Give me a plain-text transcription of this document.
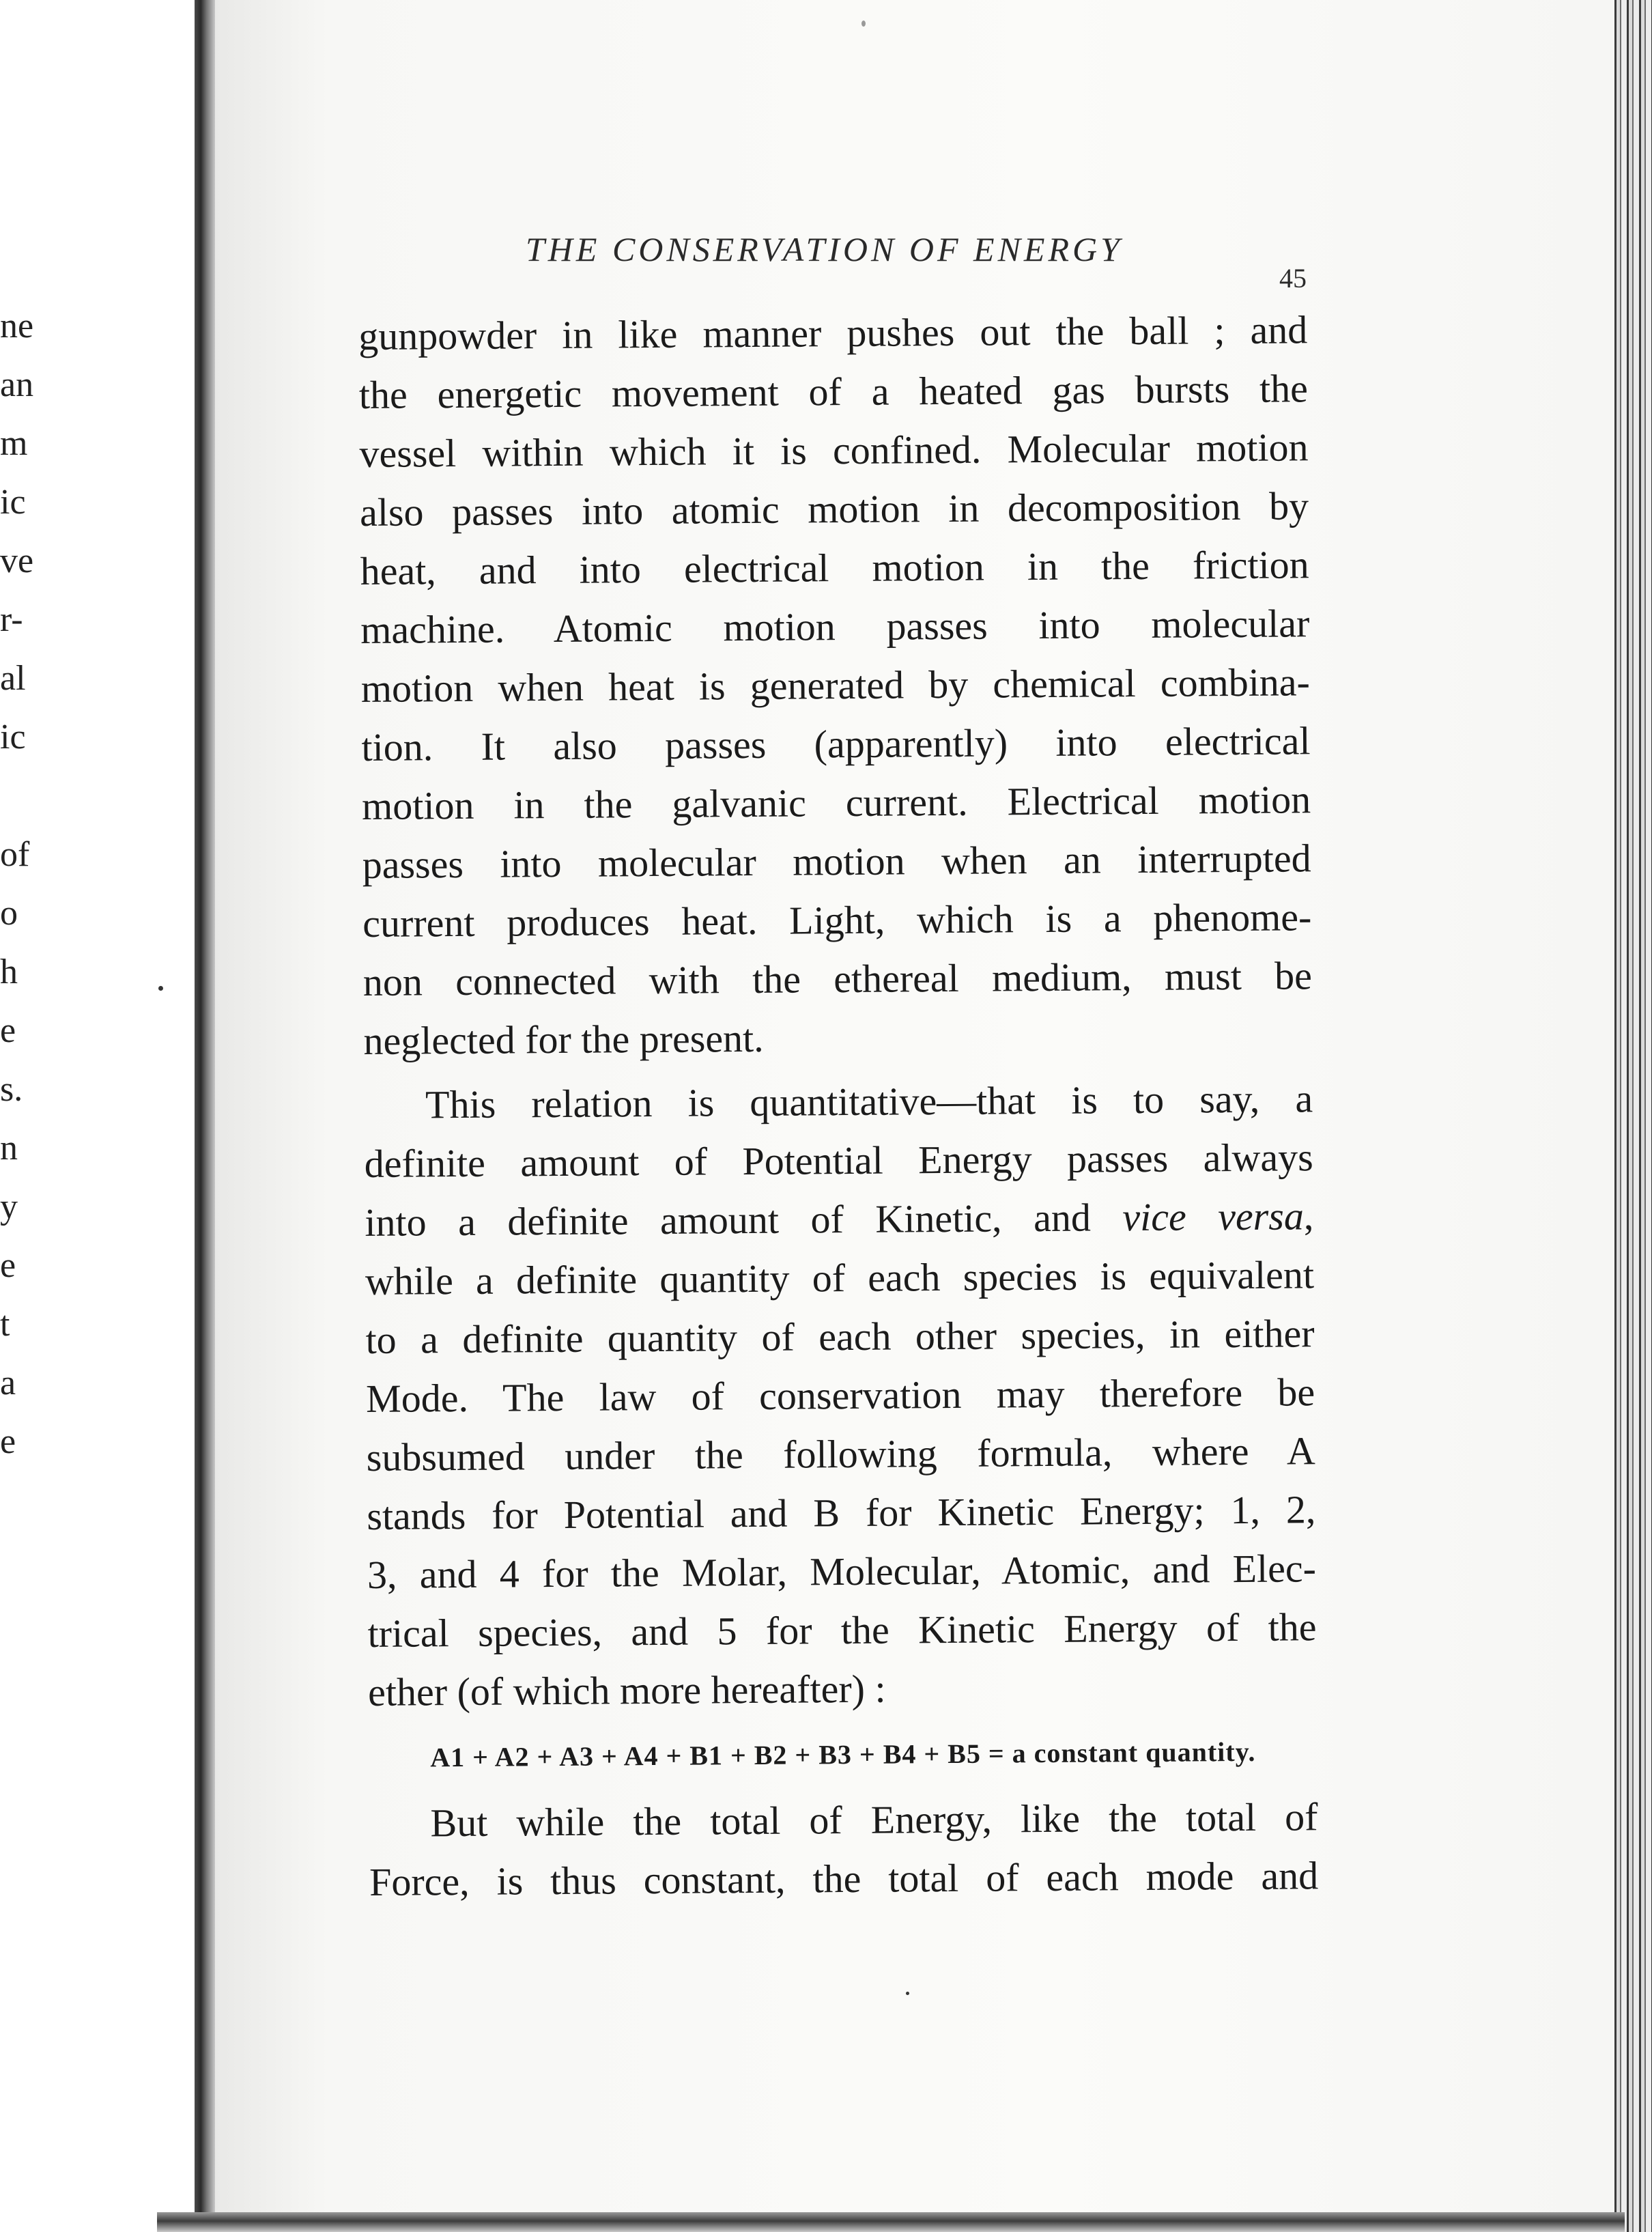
ne
an
m
ic
ve
r-
al
ic
of
o
h
e
s.
n
y
e
t
a
e
THE CONSERVATION OF ENERGY
45
gunpowder in like manner pushes out the ball ; and
the energetic movement of a heated gas bursts the
vessel within which it is confined. Molecular motion
also passes into atomic motion in decomposition by
heat, and into electrical motion in the friction
machine. Atomic motion passes into molecular
motion when heat is generated by chemical combina-
tion. It also passes (apparently) into electrical
motion in the galvanic current. Electrical motion
passes into molecular motion when an interrupted
current produces heat. Light, which is a phenome-
non connected with the ethereal medium, must be
neglected for the present.
This relation is quantitative—that is to say, a
definite amount of Potential Energy passes always
into a definite amount of Kinetic, and vice versa,
while a definite quantity of each species is equivalent
to a definite quantity of each other species, in either
Mode. The law of conservation may therefore be
subsumed under the following formula, where A
stands for Potential and B for Kinetic Energy; 1, 2,
3, and 4 for the Molar, Molecular, Atomic, and Elec-
trical species, and 5 for the Kinetic Energy of the
ether (of which more hereafter) :
A1 + A2 + A3 + A4 + B1 + B2 + B3 + B4 + B5 = a constant quantity.
But while the total of Energy, like the total of
Force, is thus constant, the total of each mode and
